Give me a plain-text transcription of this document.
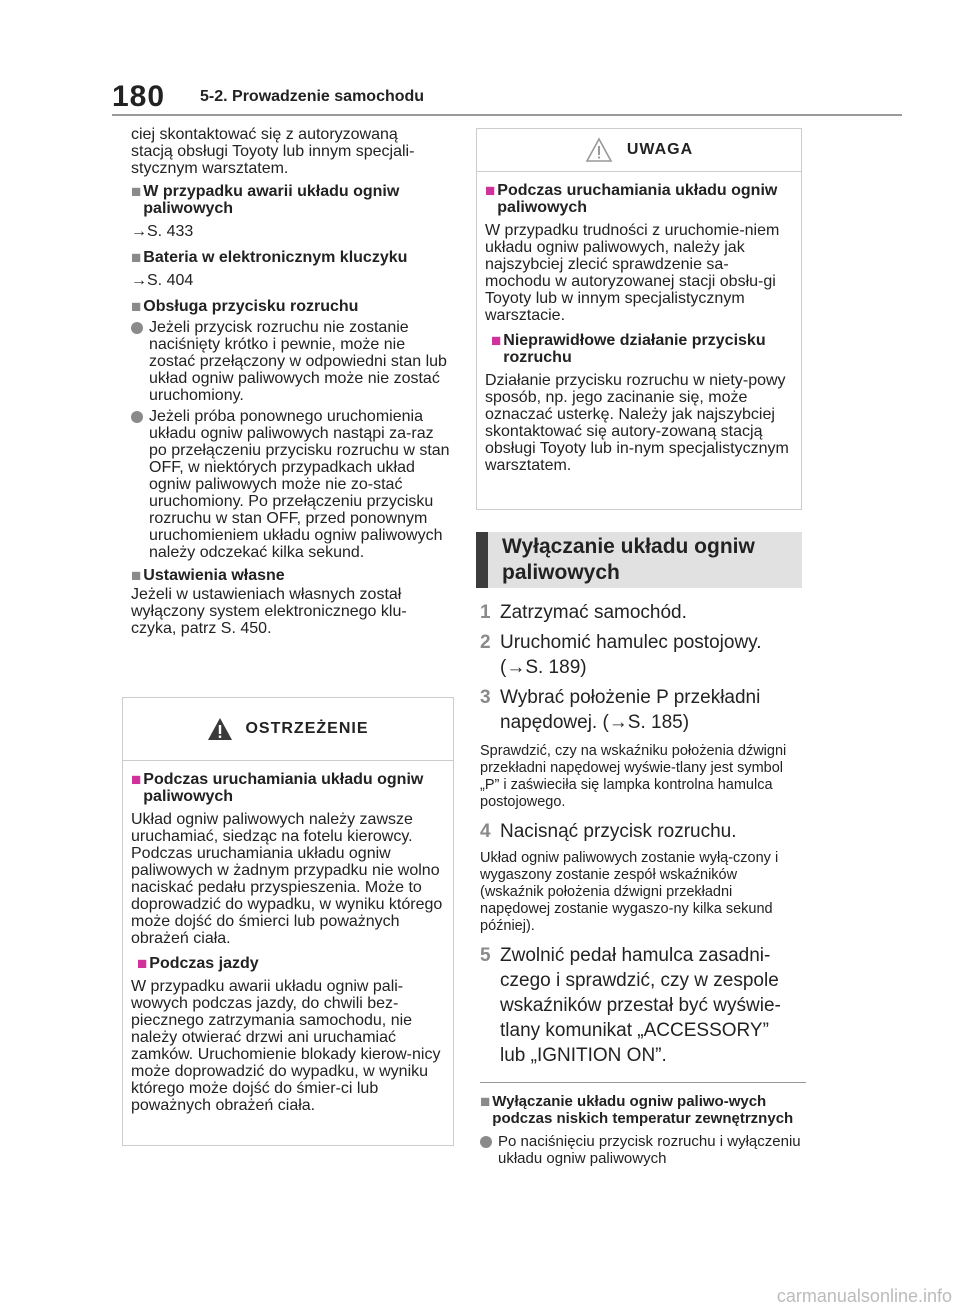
180 5-2. Prowadzenie samochodu

ciej skontaktować się z autoryzowaną stacją obsługi Toyoty lub innym specjali-stycznym warsztatem.

■ W przypadku awarii układu ogniw paliwowych
→S. 433
■ Bateria w elektronicznym kluczyku
→S. 404
■ Obsługa przycisku rozruchu
Jeżeli przycisk rozruchu nie zostanie naciśnięty krótko i pewnie, może nie zostać przełączony w odpowiedni stan lub układ ogniw paliwowych może nie zostać uruchomiony.
Jeżeli próba ponownego uruchomienia układu ogniw paliwowych nastąpi za-raz po przełączeniu przycisku rozruchu w stan OFF, w niektórych przypadkach układ ogniw paliwowych może nie zo-stać uruchomiony. Po przełączeniu przycisku rozruchu w stan OFF, przed ponownym uruchomieniem układu ogniw paliwowych należy odczekać kilka sekund.
■ Ustawienia własne

Jeżeli w ustawieniach własnych został wyłączony system elektronicznego klu-czyka, patrz S. 450.

OSTRZEŻENIE
■ Podczas uruchamiania układu ogniw paliwowych

Układ ogniw paliwowych należy zawsze uruchamiać, siedząc na fotelu kierowcy. Podczas uruchamiania układu ogniw paliwowych w żadnym przypadku nie wolno naciskać pedału przyspieszenia. Może to doprowadzić do wypadku, w wyniku którego może dojść do śmierci lub poważnych obrażeń ciała.

■ Podczas jazdy

W przypadku awarii układu ogniw pali-wowych podczas jazdy, do chwili bez-piecznego zatrzymania samochodu, nie należy otwierać drzwi ani uruchamiać zamków. Uruchomienie blokady kierow-nicy może doprowadzić do wypadku, w wyniku którego może dojść do śmier-ci lub poważnych obrażeń ciała.

UWAGA
■ Podczas uruchamiania układu ogniw paliwowych

W przypadku trudności z uruchomie-niem układu ogniw paliwowych, należy jak najszybciej zlecić sprawdzenie sa-mochodu w autoryzowanej stacji obsłu-gi Toyoty lub w innym specjalistycznym warsztacie.

■ Nieprawidłowe działanie przycisku rozruchu

Działanie przycisku rozruchu w niety-powy sposób, np. jego zacinanie się, może oznaczać usterkę. Należy jak najszybciej skontaktować się autory-zowaną stacją obsługi Toyoty lub in-nym specjalistycznym warsztatem.

Wyłączanie układu ogniw paliwowych
1 Zatrzymać samochód.
2 Uruchomić hamulec postojowy. (→S. 189)
3 Wybrać położenie P przekładni napędowej. (→S. 185)

Sprawdzić, czy na wskaźniku położenia dźwigni przekładni napędowej wyświe-tlany jest symbol „P” i zaświeciła się lampka kontrolna hamulca postojowego.

4 Nacisnąć przycisk rozruchu.

Układ ogniw paliwowych zostanie wyłą-czony i wygaszony zostanie zespół wskaźników (wskaźnik położenia dźwigni przekładni napędowej zostanie wygaszo-ny kilka sekund później).

5 Zwolnić pedał hamulca zasadni-czego i sprawdzić, czy w zespole wskaźników przestał być wyświe-tlany komunikat „ACCESSORY” lub „IGNITION ON”.
■ Wyłączanie układu ogniw paliwo-wych podczas niskich temperatur zewnętrznych
Po naciśnięciu przycisk rozruchu i wyłączeniu układu ogniw paliwowych
carmanualsonline.info
